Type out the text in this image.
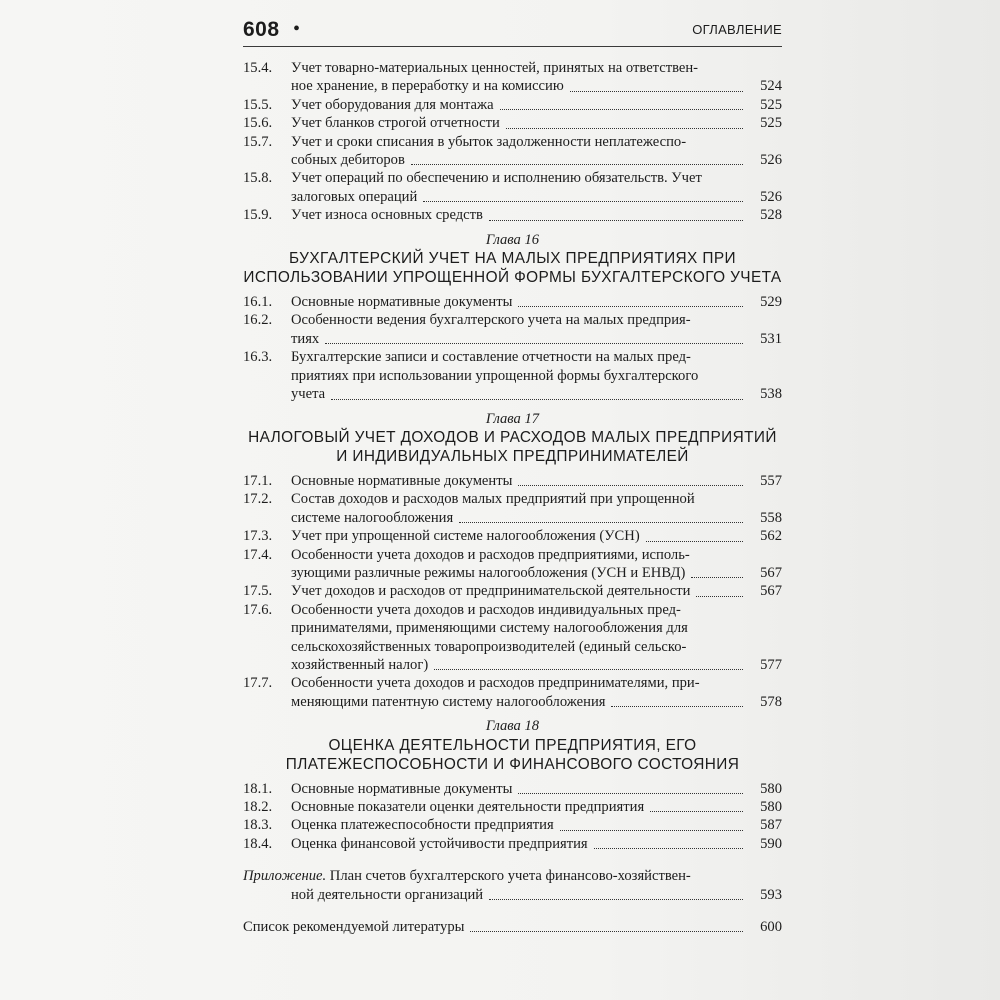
608 •	ОГЛАВЛЕНИЕ
15.4.	Учет товарно-материальных ценностей, принятых на ответствен-
ное хранение, в переработку и на комиссию	524
15.5.	Учет оборудования для монтажа	525
15.6.	Учет бланков строгой отчетности	525
15.7.	Учет и сроки списания в убыток задолженности неплатежеспо-
собных дебиторов	526
15.8.	Учет операций по обеспечению и исполнению обязательств. Учет
залоговых операций	526
15.9.	Учет износа основных средств	528
Глава 16
БУХГАЛТЕРСКИЙ УЧЕТ НА МАЛЫХ ПРЕДПРИЯТИЯХ ПРИ
ИСПОЛЬЗОВАНИИ УПРОЩЕННОЙ ФОРМЫ БУХГАЛТЕРСКОГО УЧЕТА
16.1.	Основные нормативные документы	529
16.2.	Особенности ведения бухгалтерского учета на малых предприя-
тиях	531
16.3.	Бухгалтерские записи и составление отчетности на малых пред-
приятиях при использовании упрощенной формы бухгалтерского
учета	538
Глава 17
НАЛОГОВЫЙ УЧЕТ ДОХОДОВ И РАСХОДОВ МАЛЫХ ПРЕДПРИЯТИЙ
И ИНДИВИДУАЛЬНЫХ ПРЕДПРИНИМАТЕЛЕЙ
17.1.	Основные нормативные документы	557
17.2.	Состав доходов и расходов малых предприятий при упрощенной
системе налогообложения	558
17.3.	Учет при упрощенной системе налогообложения (УСН)	562
17.4.	Особенности учета доходов и расходов предприятиями, исполь-
зующими различные режимы налогообложения (УСН и ЕНВД)	567
17.5.	Учет доходов и расходов от предпринимательской деятельности	567
17.6.	Особенности учета доходов и расходов индивидуальных пред-
принимателями, применяющими систему налогообложения для
сельскохозяйственных товаропроизводителей (единый сельско-
хозяйственный налог)	577
17.7.	Особенности учета доходов и расходов предпринимателями, при-
меняющими патентную систему налогообложения	578
Глава 18
ОЦЕНКА ДЕЯТЕЛЬНОСТИ ПРЕДПРИЯТИЯ, ЕГО
ПЛАТЕЖЕСПОСОБНОСТИ И ФИНАНСОВОГО СОСТОЯНИЯ
18.1.	Основные нормативные документы	580
18.2.	Основные показатели оценки деятельности предприятия	580
18.3.	Оценка платежеспособности предприятия	587
18.4.	Оценка финансовой устойчивости предприятия	590
Приложение. План счетов бухгалтерского учета финансово-хозяйствен-
ной деятельности организаций	593
Список рекомендуемой литературы	600
